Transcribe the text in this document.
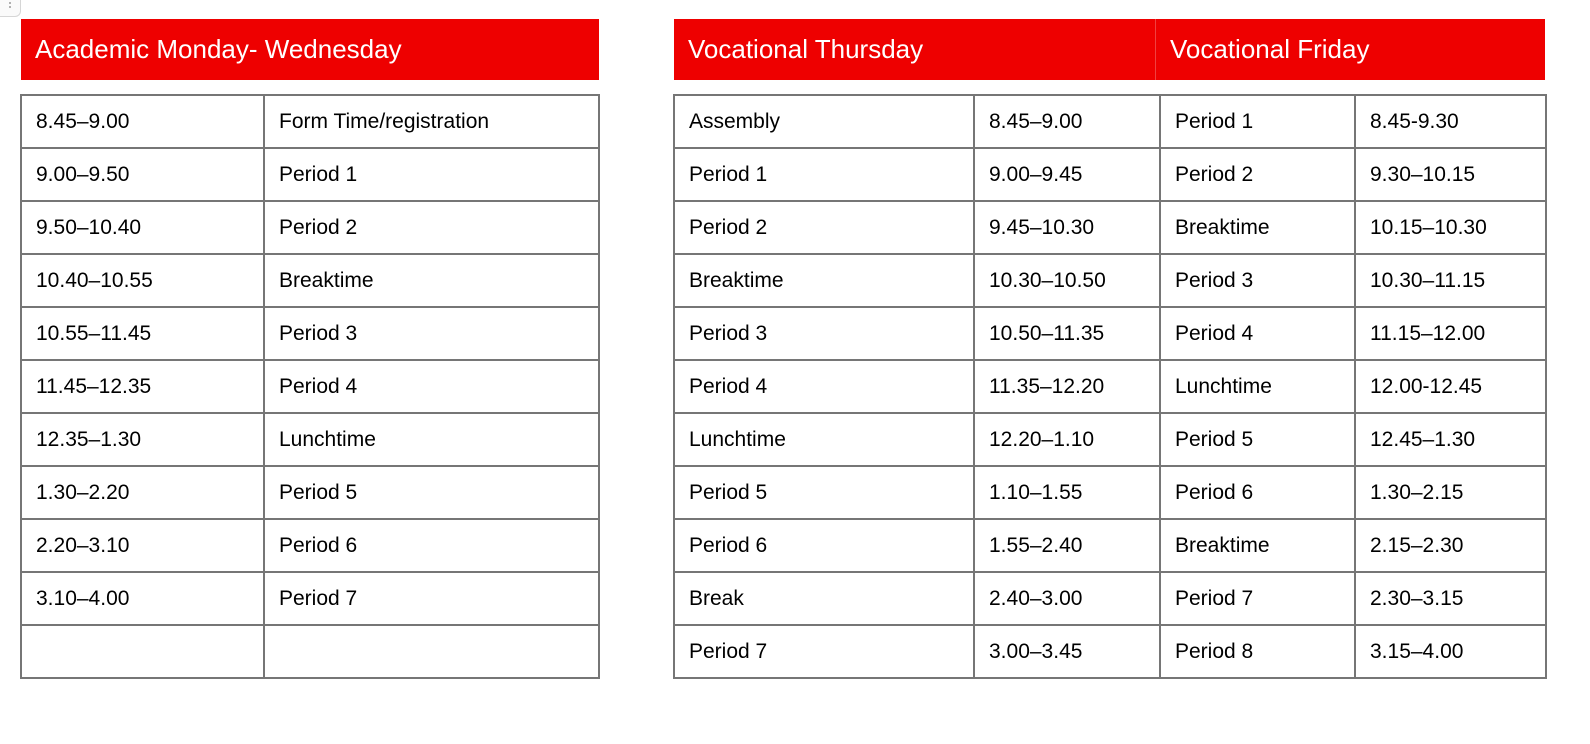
Academic Monday- Wednesday	Vocational Thursday	Vocational Friday
8.45–9.00	Form Time/registration
9.00–9.50	Period 1
9.50–10.40	Period 2
10.40–10.55	Breaktime
10.55–11.45	Period 3
11.45–12.35	Period 4
12.35–1.30	Lunchtime
1.30–2.20	Period 5
2.20–3.10	Period 6
3.10–4.00	Period 7

Assembly	8.45–9.00	Period 1	8.45-9.30
Period 1	9.00–9.45	Period 2	9.30–10.15
Period 2	9.45–10.30	Breaktime	10.15–10.30
Breaktime	10.30–10.50	Period 3	10.30–11.15
Period 3	10.50–11.35	Period 4	11.15–12.00
Period 4	11.35–12.20	Lunchtime	12.00-12.45
Lunchtime	12.20–1.10	Period 5	12.45–1.30
Period 5	1.10–1.55	Period 6	1.30–2.15
Period 6	1.55–2.40	Breaktime	2.15–2.30
Break	2.40–3.00	Period 7	2.30–3.15
Period 7	3.00–3.45	Period 8	3.15–4.00
